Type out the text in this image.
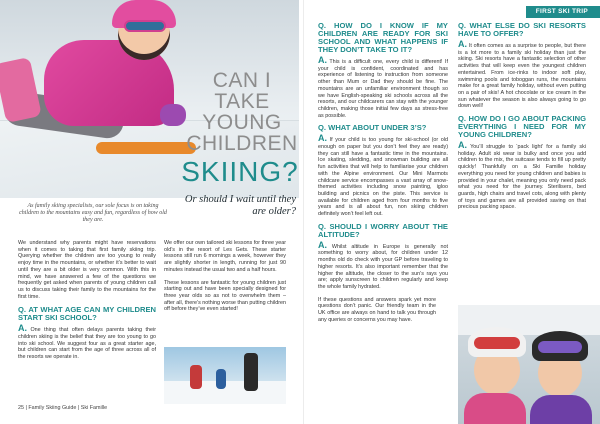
CAN I
TAKE
YOUNG
CHILDREN
SKIING?
Or should I wait until they are older?
As family skiing specialists, our sole focus is on taking children to the mountains easy and fun, regardless of how old they are.

We understand why parents might have reservations when it comes to taking that first family skiing trip. Querying whether the children are too young to really enjoy time in the mountains, or whether it’s better to wait until they are a bit older is very common. With this in mind, we have answered a few of the questions we frequently get asked when parents of young children call us to discuss taking their family to the mountains for the first time.

Q. AT WHAT AGE CAN MY CHILDREN START SKI SCHOOL?

A. One thing that often delays parents taking their children skiing is the belief that they are too young to go into ski school. We suggest four as a great starter age, but children can start from the age of three across all of the resorts we operate in.

We offer our own tailored ski lessons for three year old’s in the resort of Les Gets. These starter lessons still run 6 mornings a week, however they are slightly shorter in length, running for just 90 minutes instead the usual two and a half hours.

These lessons are fantastic for young children just starting out and have been specially designed for three year olds so as not to overwhelm them – after all, there’s nothing worse than putting children off before they’ve even started!

25 | Family Skiing Guide | Ski Famille
FIRST SKI TRIP
Q. HOW DO I KNOW IF MY CHILDREN ARE READY FOR SKI SCHOOL AND WHAT HAPPENS IF THEY DON’T TAKE TO IT?

A. This is a difficult one, every child is different! If your child is confident, coordinated and has experience of listening to instruction from someone other than Mum or Dad they should be fine. The mountains are an unfamiliar environment though so we have English-speaking ski schools across all the resorts, and our childcarers can stay with the younger children, making those initial few days as stress-free as possible.

Q. WHAT ABOUT UNDER 3’S?

A. If your child is too young for ski-school (or old enough on paper but you don’t feel they are ready) they can still have a fantastic time in the mountains. Ice skating, sledding, and snowman building are all fun activities that will help to familiarise your children with the Alpine environment. Our Mini Marmots childcare service encompasses a vast array of snow-themed activities including snow painting, igloo building and picnics on the piste. This service is available for children aged from four months to five years and is all about fun, non skiing children definitely won’t feel left out.

Q. SHOULD I WORRY ABOUT THE ALTITUDE?

A. Whilst altitude in Europe is generally not something to worry about, for children under 12 months old do check with your GP before traveling to higher resorts. It’s also important remember that the higher the altitude, the closer to the sun’s rays you are; apply sunscreen to children regularly and keep the whole family hydrated.

If these questions and answers spark yet more questions don’t panic. Our friendly team in the UK office are always on hand to talk you through any queries or concerns you may have.

Q. WHAT ELSE DO SKI RESORTS HAVE TO OFFER?

A. It often comes as a surprise to people, but there is a lot more to a family ski holiday than just the skiing. Ski resorts have a fantastic selection of other activities that will keep even the youngest children entertained. From ice-rinks to indoor soft play, swimming pools and toboggan runs, the mountains make for a great family holiday, without even putting on a pair of skis! A hot chocolate or ice cream in the sun whatever the season is also always going to go down well!

Q. HOW DO I GO ABOUT PACKING EVERYTHING I NEED FOR MY YOUNG CHILDREN?

A. You’ll struggle to ‘pack light’ for a family ski holiday. Adult ski wear is bulky and once you add children to the mix, the suitcase tends to fill up pretty quickly! Thankfully on a Ski Famille holiday everything you need for young children and babies is provided in your chalet, meaning you only need pack what you need for the journey. Sterilisers, bed guards, high chairs and travel cots, along with plenty of toys and games are all provided saving on that precious packing space.
